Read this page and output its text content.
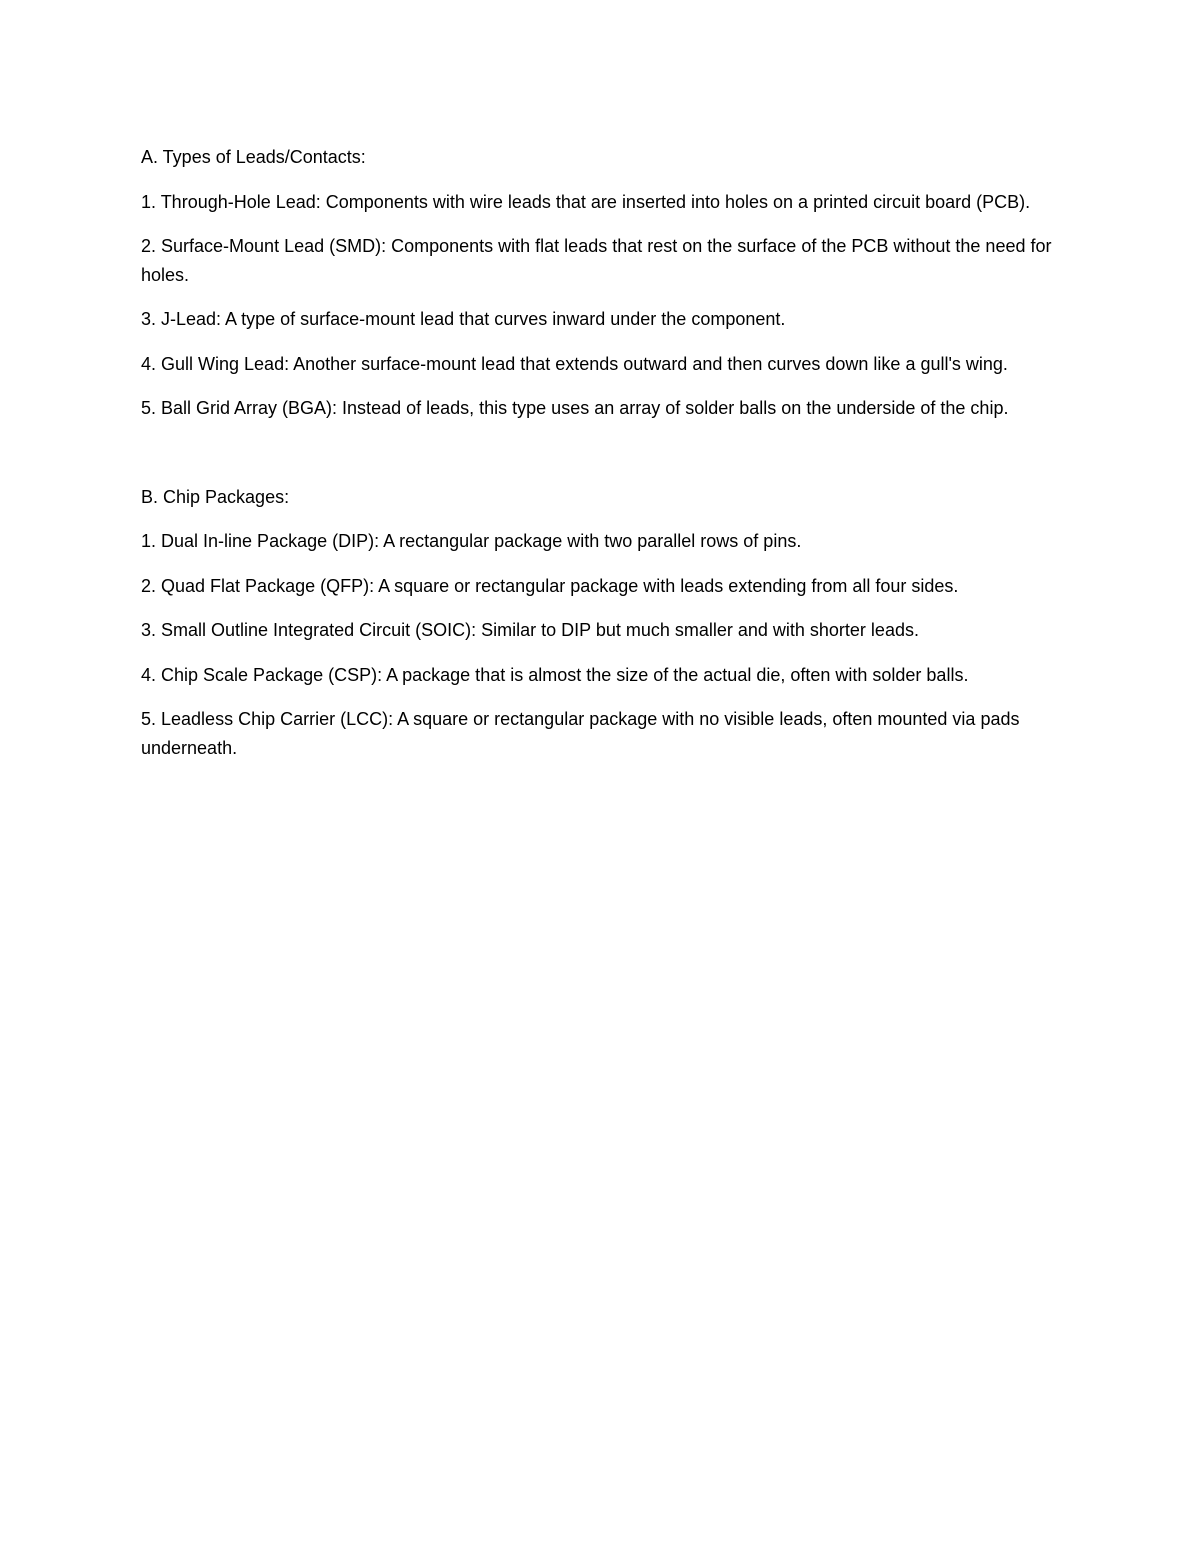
A. Types of Leads/Contacts:

1. Through-Hole Lead: Components with wire leads that are inserted into holes on a printed circuit board (PCB).

2. Surface-Mount Lead (SMD): Components with flat leads that rest on the surface of the PCB without the need for holes.

3. J-Lead: A type of surface-mount lead that curves inward under the component.

4. Gull Wing Lead: Another surface-mount lead that extends outward and then curves down like a gull's wing.

5. Ball Grid Array (BGA): Instead of leads, this type uses an array of solder balls on the underside of the chip.

B. Chip Packages:

1. Dual In-line Package (DIP): A rectangular package with two parallel rows of pins.

2. Quad Flat Package (QFP): A square or rectangular package with leads extending from all four sides.

3. Small Outline Integrated Circuit (SOIC): Similar to DIP but much smaller and with shorter leads.

4. Chip Scale Package (CSP): A package that is almost the size of the actual die, often with solder balls.

5. Leadless Chip Carrier (LCC): A square or rectangular package with no visible leads, often mounted via pads underneath.
